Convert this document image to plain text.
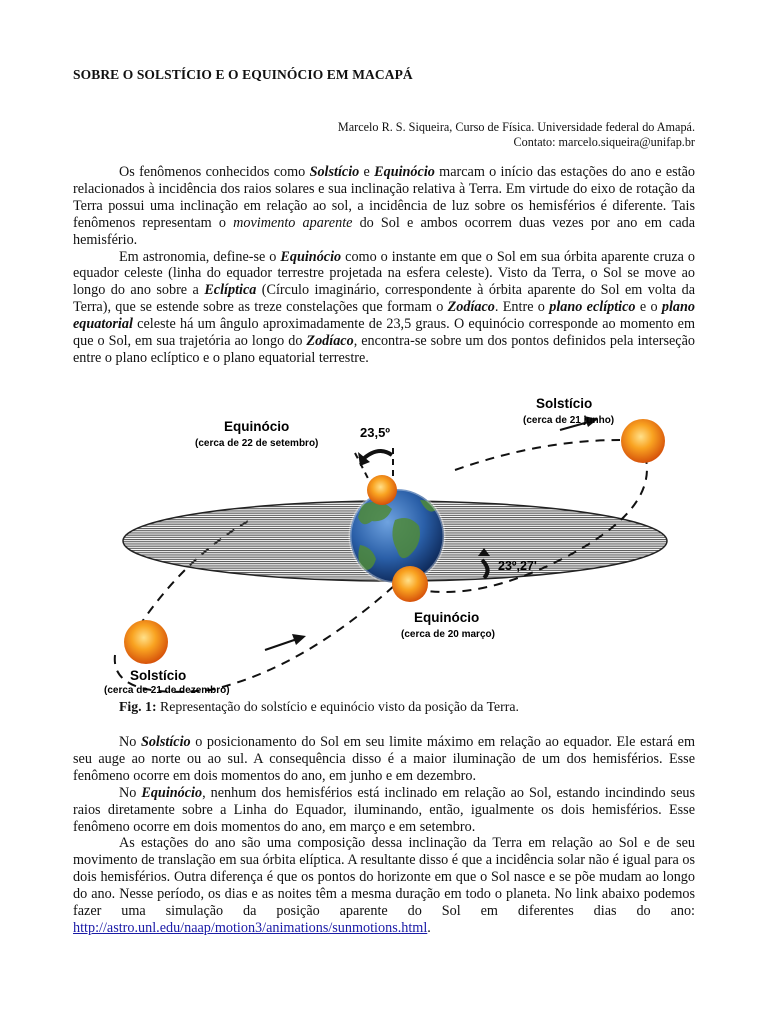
SOBRE O SOLSTÍCIO E O EQUINÓCIO EM MACAPÁ
Marcelo R. S. Siqueira, Curso de Física. Universidade federal do Amapá.
Contato: marcelo.siqueira@unifap.br

Os fenômenos conhecidos como Solstício e Equinócio marcam o início das estações do ano e estão relacionados à incidência dos raios solares e sua inclinação relativa à Terra. Em virtude do eixo de rotação da Terra possui uma inclinação em relação ao sol, a incidência de luz sobre os hemisférios é diferente. Tais fenômenos representam o movimento aparente do Sol e ambos ocorrem duas vezes por ano em cada hemisfério.

Em astronomia, define-se o Equinócio como o instante em que o Sol em sua órbita aparente cruza o equador celeste (linha do equador terrestre projetada na esfera celeste). Visto da Terra, o Sol se move ao longo do ano sobre a Eclíptica (Círculo imaginário, correspondente à órbita aparente do Sol em volta da Terra), que se estende sobre as treze constelações que formam o Zodíaco. Entre o plano eclíptico e o plano equatorial celeste há um ângulo aproximadamente de 23,5 graus. O equinócio corresponde ao momento em que o Sol, em sua trajetória ao longo do Zodíaco, encontra-se sobre um dos pontos definidos pela interseção entre o plano eclíptico e o plano equatorial terrestre.

Equinócio
(cerca de 22 de setembro)
23,5º
Solstício
(cerca de 21 junho)
23º,27'
Equinócio
(cerca de 20 março)
Solstício
(cerca de 21 de dezembro)
Fig. 1: Representação do solstício e equinócio visto da posição da Terra.

No Solstício o posicionamento do Sol em seu limite máximo em relação ao equador. Ele estará em seu auge ao norte ou ao sul. A consequência disso é a maior iluminação de um dos hemisférios. Esse fenômeno ocorre em dois momentos do ano, em junho e em dezembro.

No Equinócio, nenhum dos hemisférios está inclinado em relação ao Sol, estando incindindo seus raios diretamente sobre a Linha do Equador, iluminando, então, igualmente os dois hemisférios. Esse fenômeno ocorre em dois momentos do ano, em março e em setembro.

As estações do ano são uma composição dessa inclinação da Terra em relação ao Sol e de seu movimento de translação em sua órbita elíptica. A resultante disso é que a incidência solar não é igual para os dois hemisférios. Outra diferença é que os pontos do horizonte em que o Sol nasce e se põe mudam ao longo do ano. Nesse período, os dias e as noites têm a mesma duração em todo o planeta. No link abaixo podemos fazer uma simulação da posição aparente do Sol em diferentes dias do ano: http://astro.unl.edu/naap/motion3/animations/sunmotions.html.
